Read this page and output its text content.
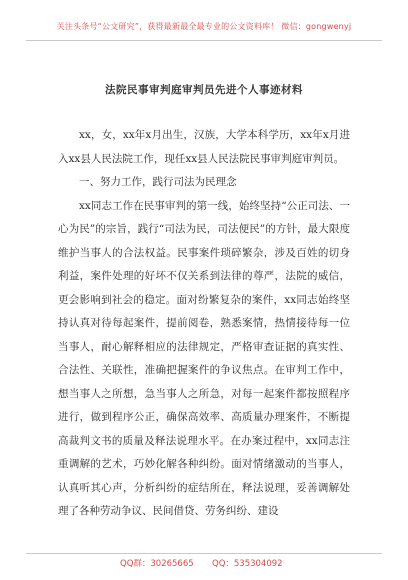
关注头条号“公文研究”，获得最新最全最专业的公文资料库！ 微信：gongwenyj
法院民事审判庭审判员先进个人事迹材料

xx，女，xx年x月出生，汉族，大学本科学历，xx年x月进入xx县人民法院工作，现任xx县人民法院民事审判庭审判员。

一、努力工作，践行司法为民理念

xx同志工作在民事审判的第一线，始终坚持“公正司法、一心为民”的宗旨，践行“司法为民，司法便民”的方针，最大限度维护当事人的合法权益。民事案件琐碎繁杂，涉及百姓的切身利益，案件处理的好坏不仅关系到法律的尊严，法院的威信，更会影响到社会的稳定。面对纷繁复杂的案件，xx同志始终坚持认真对待每起案件，提前阅卷，熟悉案情，热情接待每一位当事人，耐心解释相应的法律规定，严格审查证据的真实性、合法性、关联性，准确把握案件的争议焦点。在审判工作中，想当事人之所想，急当事人之所急，对每一起案件都按照程序进行，做到程序公正，确保高效率、高质量办理案件，不断提高裁判文书的质量及释法说理水平。在办案过程中，xx同志注重调解的艺术，巧妙化解各种纠纷。面对情绪激动的当事人，认真听其心声，分析纠纷的症结所在，释法说理，妥善调解处理了各种劳动争议、民间借贷、劳务纠纷、建设

QQ群：30265665 QQ：535304092
